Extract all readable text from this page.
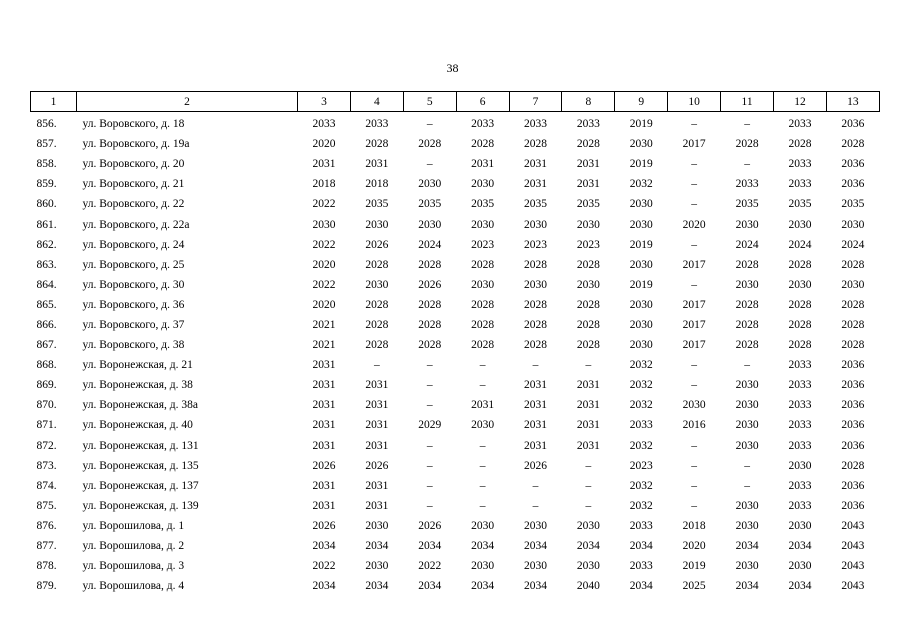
38
1	2	3	4	5	6	7	8	9	10	11	12	13
856.	ул. Воровского, д. 18	2033	2033	–	2033	2033	2033	2019	–	–	2033	2036
857.	ул. Воровского, д. 19а	2020	2028	2028	2028	2028	2028	2030	2017	2028	2028	2028
858.	ул. Воровского, д. 20	2031	2031	–	2031	2031	2031	2019	–	–	2033	2036
859.	ул. Воровского, д. 21	2018	2018	2030	2030	2031	2031	2032	–	2033	2033	2036
860.	ул. Воровского, д. 22	2022	2035	2035	2035	2035	2035	2030	–	2035	2035	2035
861.	ул. Воровского, д. 22а	2030	2030	2030	2030	2030	2030	2030	2020	2030	2030	2030
862.	ул. Воровского, д. 24	2022	2026	2024	2023	2023	2023	2019	–	2024	2024	2024
863.	ул. Воровского, д. 25	2020	2028	2028	2028	2028	2028	2030	2017	2028	2028	2028
864.	ул. Воровского, д. 30	2022	2030	2026	2030	2030	2030	2019	–	2030	2030	2030
865.	ул. Воровского, д. 36	2020	2028	2028	2028	2028	2028	2030	2017	2028	2028	2028
866.	ул. Воровского, д. 37	2021	2028	2028	2028	2028	2028	2030	2017	2028	2028	2028
867.	ул. Воровского, д. 38	2021	2028	2028	2028	2028	2028	2030	2017	2028	2028	2028
868.	ул. Воронежская, д. 21	2031	–	–	–	–	–	2032	–	–	2033	2036
869.	ул. Воронежская, д. 38	2031	2031	–	–	2031	2031	2032	–	2030	2033	2036
870.	ул. Воронежская, д. 38а	2031	2031	–	2031	2031	2031	2032	2030	2030	2033	2036
871.	ул. Воронежская, д. 40	2031	2031	2029	2030	2031	2031	2033	2016	2030	2033	2036
872.	ул. Воронежская, д. 131	2031	2031	–	–	2031	2031	2032	–	2030	2033	2036
873.	ул. Воронежская, д. 135	2026	2026	–	–	2026	–	2023	–	–	2030	2028
874.	ул. Воронежская, д. 137	2031	2031	–	–	–	–	2032	–	–	2033	2036
875.	ул. Воронежская, д. 139	2031	2031	–	–	–	–	2032	–	2030	2033	2036
876.	ул. Ворошилова, д. 1	2026	2030	2026	2030	2030	2030	2033	2018	2030	2030	2043
877.	ул. Ворошилова, д. 2	2034	2034	2034	2034	2034	2034	2034	2020	2034	2034	2043
878.	ул. Ворошилова, д. 3	2022	2030	2022	2030	2030	2030	2033	2019	2030	2030	2043
879.	ул. Ворошилова, д. 4	2034	2034	2034	2034	2034	2040	2034	2025	2034	2034	2043
